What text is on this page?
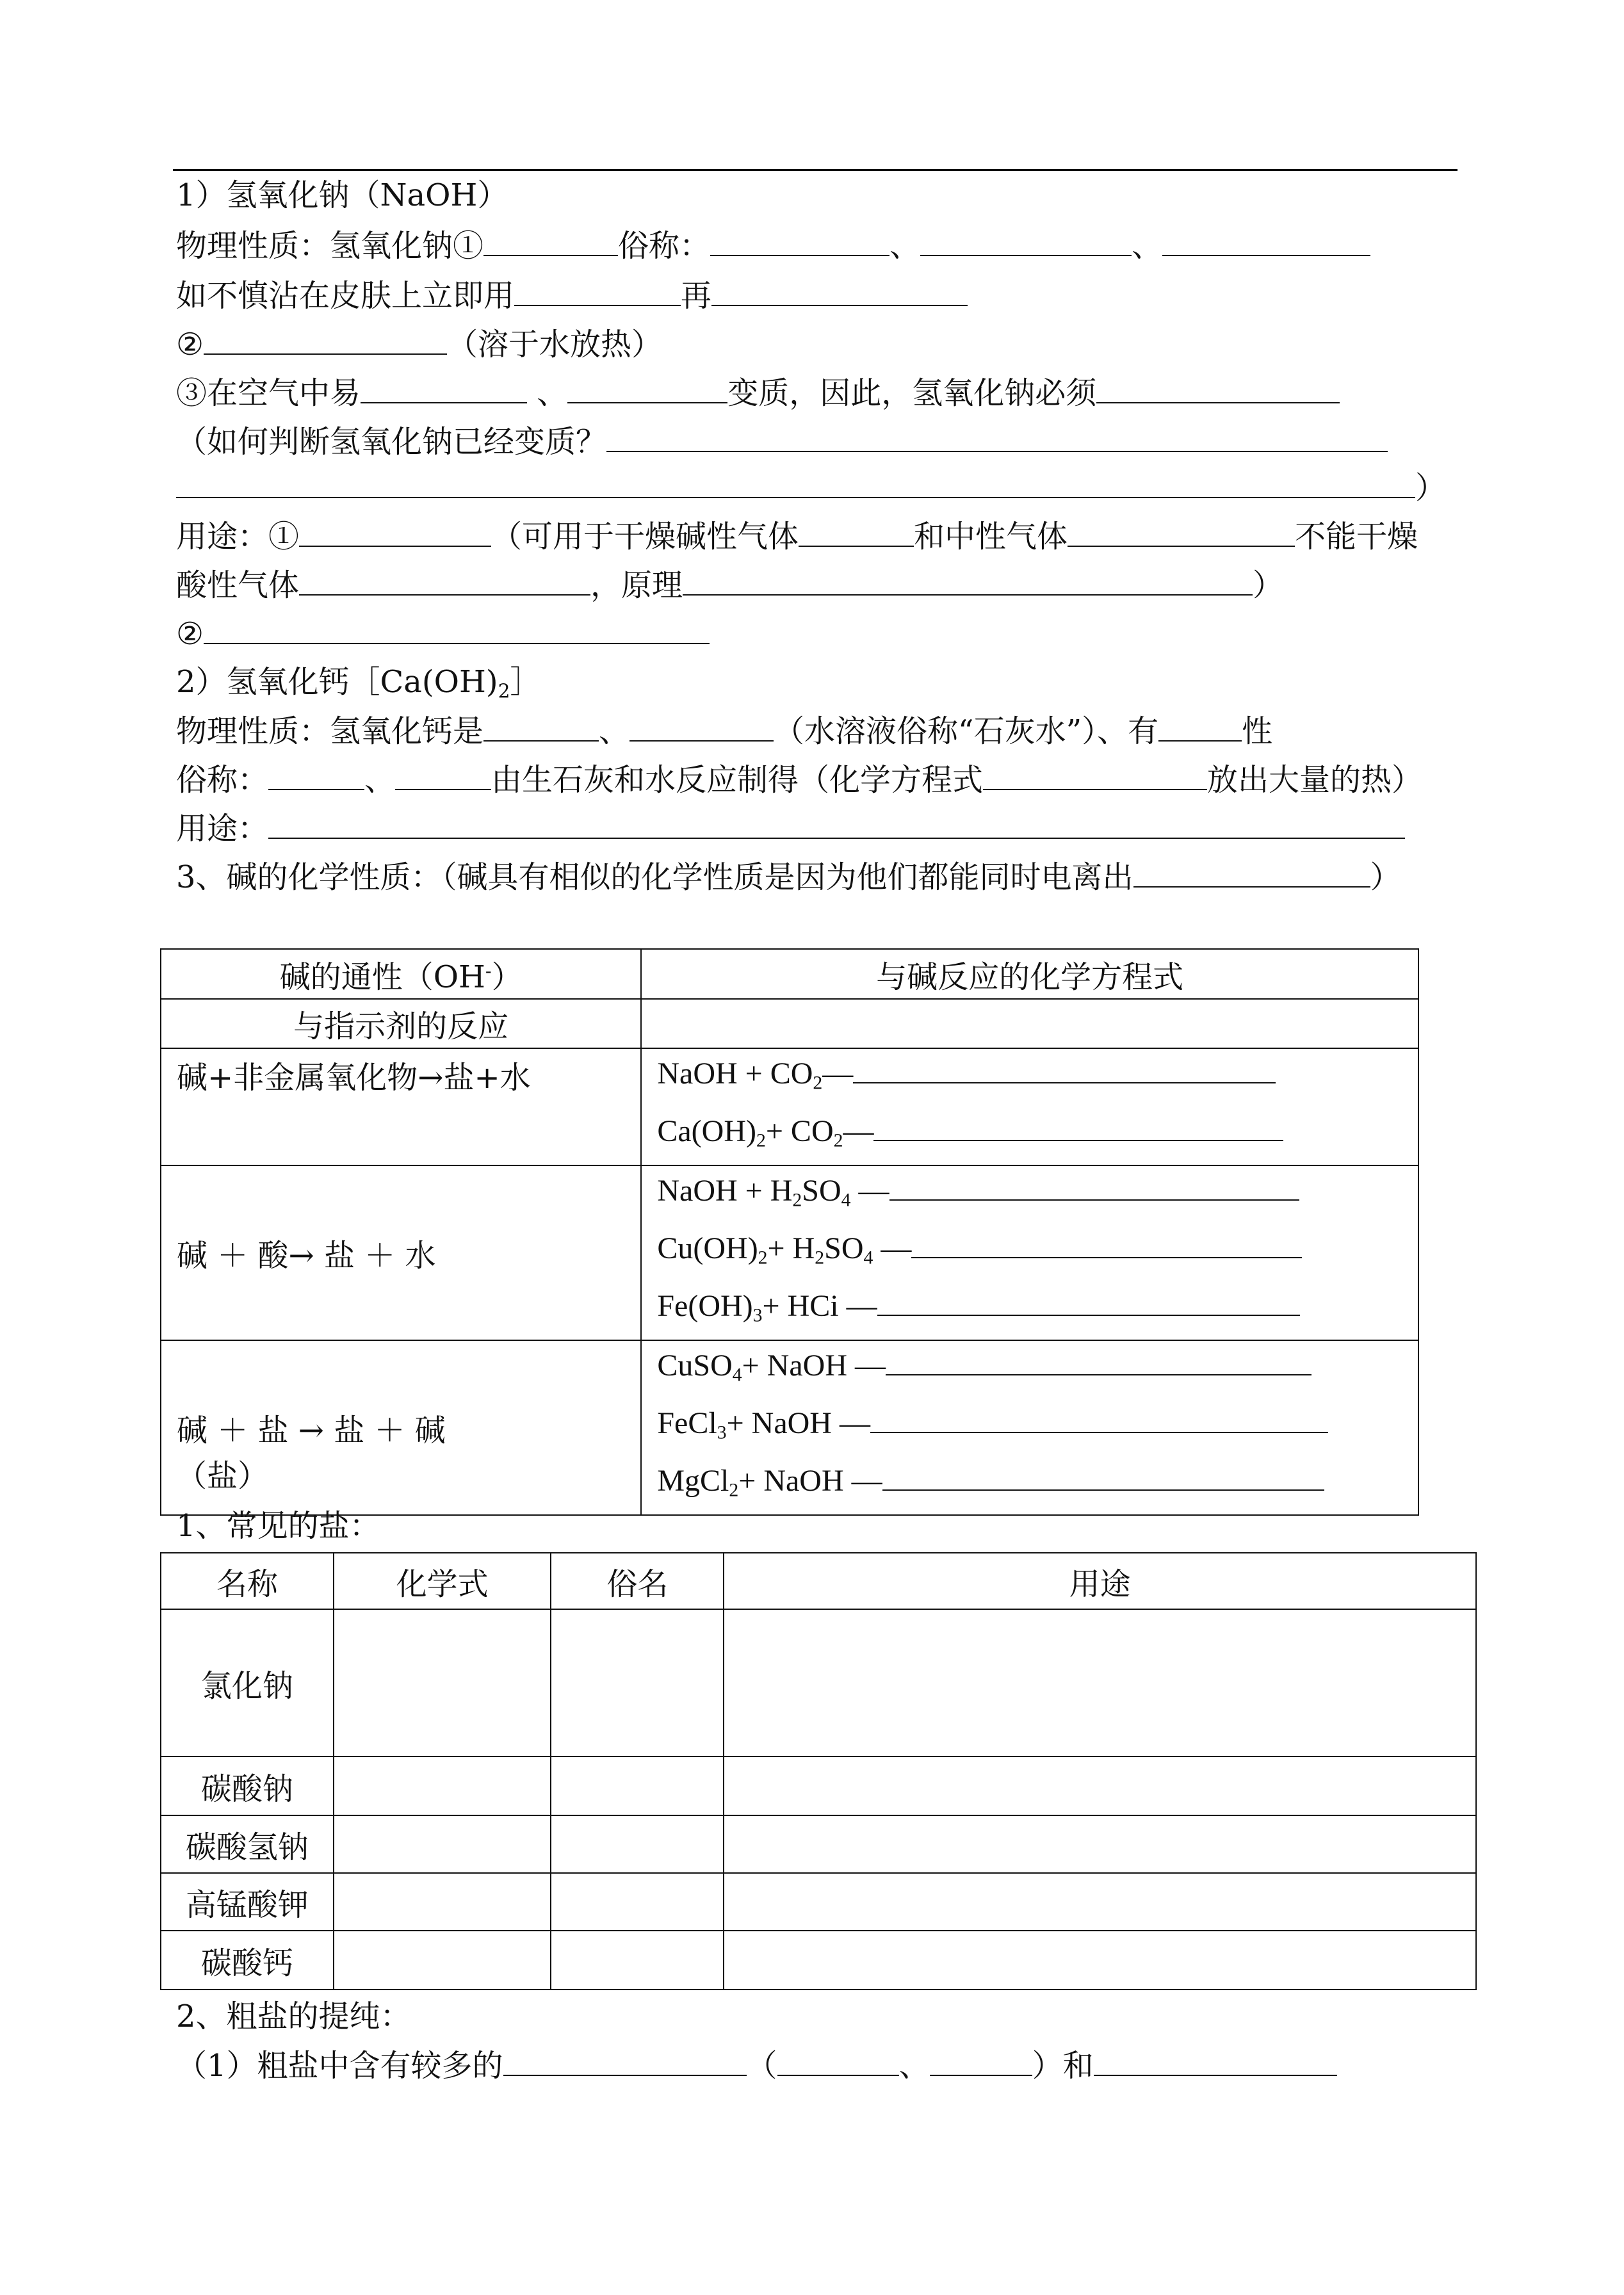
1）氢氧化钠（NaOH）
物理性质：氢氧化钠①	俗称：	、	、
如不慎沾在皮肤上立即用	再
②	（溶于水放热）
③在空气中易	、	变质，因此，氢氧化钠必须
（如何判断氢氧化钠已经变质？
）
用途：①	（可用于干燥碱性气体	和中性气体	不能干燥
酸性气体	，原理	）
②
2）氢氧化钙$[Ca(OH)_2]$
物理性质：氢氧化钙是	、	（水溶液俗称“石灰水”）、有	性
俗称：	、	由生石灰和水反应制得（化学方程式	放出大量的热）
用途：
3、碱的化学性质：（碱具有相似的化学性质是因为他们都能同时电离出	）
碱的通性（OH-）	与碱反应的化学方程式
与指示剂的反应	
碱+非金属氧化物→盐+水	NaOH + $CO_2—$
$Ca(OH)_2+$ $CO_2—$

碱 ＋ 酸→ 盐 ＋ 水	NaOH + $H_2SO_4$ —
$Cu(OH)_2+ H_2SO_4$ —
$Fe(OH)_3+$ HCi —

碱 ＋ 盐 → 盐 ＋ 碱	CuSO$_4$+ NaOH —
FeCl$_3$+ NaOH —
MgCl$_2$+ NaOH —
（盐）
1、常见的盐：
名称	化学式	俗名	用途
氯化钠			
碳酸钠			
碳酸氢钠			
高锰酸钾			
碳酸钙			
2、粗盐的提纯：
（1）粗盐中含有较多的	（	、	）和
